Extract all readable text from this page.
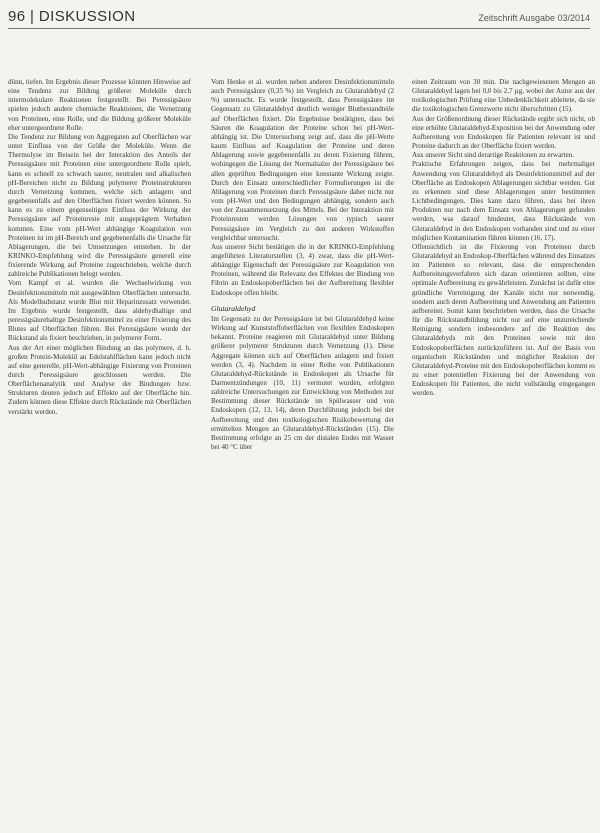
96 | DISKUSSION	Zeitschrift Ausgabe 03/2014

dünn, tiefen. Im Ergebnis dieser Prozesse könnten Hinweise auf eine Tendenz zur Bildung größerer Moleküle durch intermolekulare Reaktionen festgestellt. Bei Peressigsäure spielen jedoch andere chemische Reaktionen, die Vernetzung von Proteinen, eine Rolle, und die Bildung größerer Moleküle eher untergeordnete Rolle.

Die Tendenz zur Bildung von Aggregaten auf Oberflächen war unter Einfluss von der Größe der Moleküle. Wenn die Thermolyse im Beisein bei der Interaktion des Anteils der Peressigsäure mit Proteinen eine untergeordnete Rolle spielt, kann es schnell zu schwach saurer, neutralen und alkalischen pH-Bereichen nicht zu Bildung polymerer Proteinstrukturen durch Vernetzung kommen, welche sich anlagern und gegebenenfalls auf den Oberflächen fixiert werden können. So kann es zu einem gegenseitigen Einfluss der Wirkung der Peressigsäure auf Proteinreste mit ausgeprägtem Verhalten kommen. Eine vom pH-Wert abhängige Koagulation von Proteinen ist im pH-Bereich und gegebenenfalls die Ursache für Ablagerungen, die bei Umsetzungen entstehen. In der KRINKO-Empfehlung wird die Peressigsäure generell eine fixierende Wirkung auf Proteine zugeschrieben, welche durch zahlreiche Publikationen belegt werden.

Vom Kampf et al. wurden die Wechselwirkung von Desinfektionsmitteln mit ausgewählten Oberflächen untersucht. Als Modellsubstanz wurde Blut mit Heparinzusatz verwendet. Im Ergebnis wurde festgestellt, dass aldehydhaltige und peressigsäurehaltige Desinfektionsmittel zu einer Fixierung des Blutes auf Oberflächen führen. Bei Peressigsäure wurde der Rückstand als fixiert beschrieben, in polymerer Form.

Aus der Art einer möglichen Bindung an das polymere, d. h. großen Protein-Molekül an Edelstahlflächen kann jedoch nicht auf eine generelle, pH-Wert-abhängige Fixierung von Proteinen durch Peressigsäure geschlossen werden. Die Oberflächenanalytik und Analyse der Bindungen bzw. Strukturen deuten jedoch auf Effekte auf der Oberfläche hin. Zudem können diese Effekte durch Rückstände mit Oberflächen verstärkt werden.

Vom Henke et al. wurden neben anderen Desinfektionsmitteln auch Peressigsäure (0,35 %) im Vergleich zu Glutaraldehyd (2 %) untersucht. Es wurde festgestellt, dass Peressigsäure im Gegensatz zu Glutaraldehyd deutlich weniger Blutbestandteile auf Oberflächen fixiert. Die Ergebnisse bestätigten, dass bei Säuren die Koagulation der Proteine schon bei pH-Wert-abhängig ist. Die Untersuchung zeigt auf, dass die pH-Werte kaum Einfluss auf Koagulation der Proteine und deren Ablagerung sowie gegebenenfalls zu deren Fixierung führen, wohingegen die Lösung der Normalsalze der Peressigsäure bei allen geprüften Bedingungen eine konstante Wirkung zeigte. Durch den Einsatz unterschiedlicher Formulierungen ist die Ablagerung von Proteinen durch Peressigsäure daher nicht nur vom pH-Wert und den Bedingungen abhängig, sondern auch von der Zusammensetzung des Mittels. Bei der Interaktion mit Proteinresten werden Lösungen von typisch saurer Peressigsäure im Vergleich zu den anderen Wirkstoffen vergleichbar untersucht.

Aus unserer Sicht bestätigen die in der KRINKO-Empfehlung angeführten Literaturstellen (3, 4) zwar, dass die pH-Wert-abhängige Eigenschaft der Peressigsäure zur Koagulation von Proteinen, während die Relevanz des Effektes der Bindung von Fibrin an Endoskopoberflächen bei der Aufbereitung flexibler Endoskope offen bleibt.

Glutaraldehyd

Im Gegensatz zu der Peressigsäure ist bei Glutaraldehyd keine Wirkung auf Kunststoffoberflächen von flexiblen Endoskopen bekannt. Proteine reagieren mit Glutaraldehyd unter Bildung größerer polymerer Strukturen durch Vernetzung (1). Diese Aggregate können sich auf Oberflächen anlagern und fixiert werden (3, 4). Nachdem in einer Reihe von Publikationen Glutaraldehyd-Rückstände in Endoskopen als Ursache für Darmentzündungen (10, 11) vermutet wurden, erfolgten zahlreiche Untersuchungen zur Entwicklung von Methoden zur Bestimmung dieser Rückstände im Spülwasser und von Endoskopen (12, 13, 14), deren Durchführung jedoch bei der Aufbereitung und den toxikologischen Risikobewertung der ermittelten Mengen an Glutaraldehyd-Rückständen (15). Die Bestimmung erfolgte an 25 cm der distalen Endes mit Wasser bei 40 °C über

einen Zeitraum von 30 min. Die nachgewiesenen Mengen an Glutaraldehyd lagen bei 0,0 bis 2,7 µg, wobei der Autor aus der toxikologischen Prüfung eine Unbedenklichkeit ableitete, da sie die toxikologischen Grenzwerte nicht überschritten (15).

Aus der Größenordnung dieser Rückstände ergibt sich nicht, ob eine erhöhte Glutaraldehyd-Exposition bei der Anwendung oder Aufbereitung von Endoskopen für Patienten relevant ist und Proteine dadurch an der Oberfläche fixiert werden.

Aus unserer Sicht sind derartige Reaktionen zu erwarten.

Praktische Erfahrungen zeigen, dass bei mehrmaliger Anwendung von Glutaraldehyd als Desinfektionsmittel auf der Oberfläche an Endoskopen Ablagerungen sichtbar werden. Gut zu erkennen sind diese Ablagerungen unter bestimmten Lichtbedingungen. Dies kann dazu führen, dass bei ihren Produkten nur nach dem Einsatz von Ablagerungen gefunden werden, was darauf hindeutet, dass Rückstände von Glutaraldehyd in den Endoskopen vorhanden sind und zu einer möglichen Kontamination führen können (16, 17).

Offensichtlich ist die Fixierung von Proteinen durch Glutaraldehyd an Endoskop-Oberflächen während des Einsatzes im Patienten so relevant, dass die entsprechenden Aufbereitungsverfahren sich daran orientieren sollten, eine optimale Aufbereitung zu gewährleisten. Zunächst ist dafür eine gründliche Vorreinigung der Kanäle nicht nur notwendig, sondern auch deren Aufbereitung und Anwendung am Patienten aufbereitet. Somit kann beschrieben werden, dass die Ursache für die Rückstandbildung nicht nur auf eine unzureichende Reinigung sondern insbesondere auf die Reaktion des Glutaraldehyds mit den Proteinen sowie mit den Endoskopoberflächen zurückzuführen ist. Auf der Basis von organischen Rückständen und möglicher Reaktion der Glutaraldehyd-Proteine mit den Endoskopoberflächen kommt es zu einer potentiellen Fixierung bei der Anwendung von Endoskopen für Patienten, die nicht vollständig eingegangen werden.
